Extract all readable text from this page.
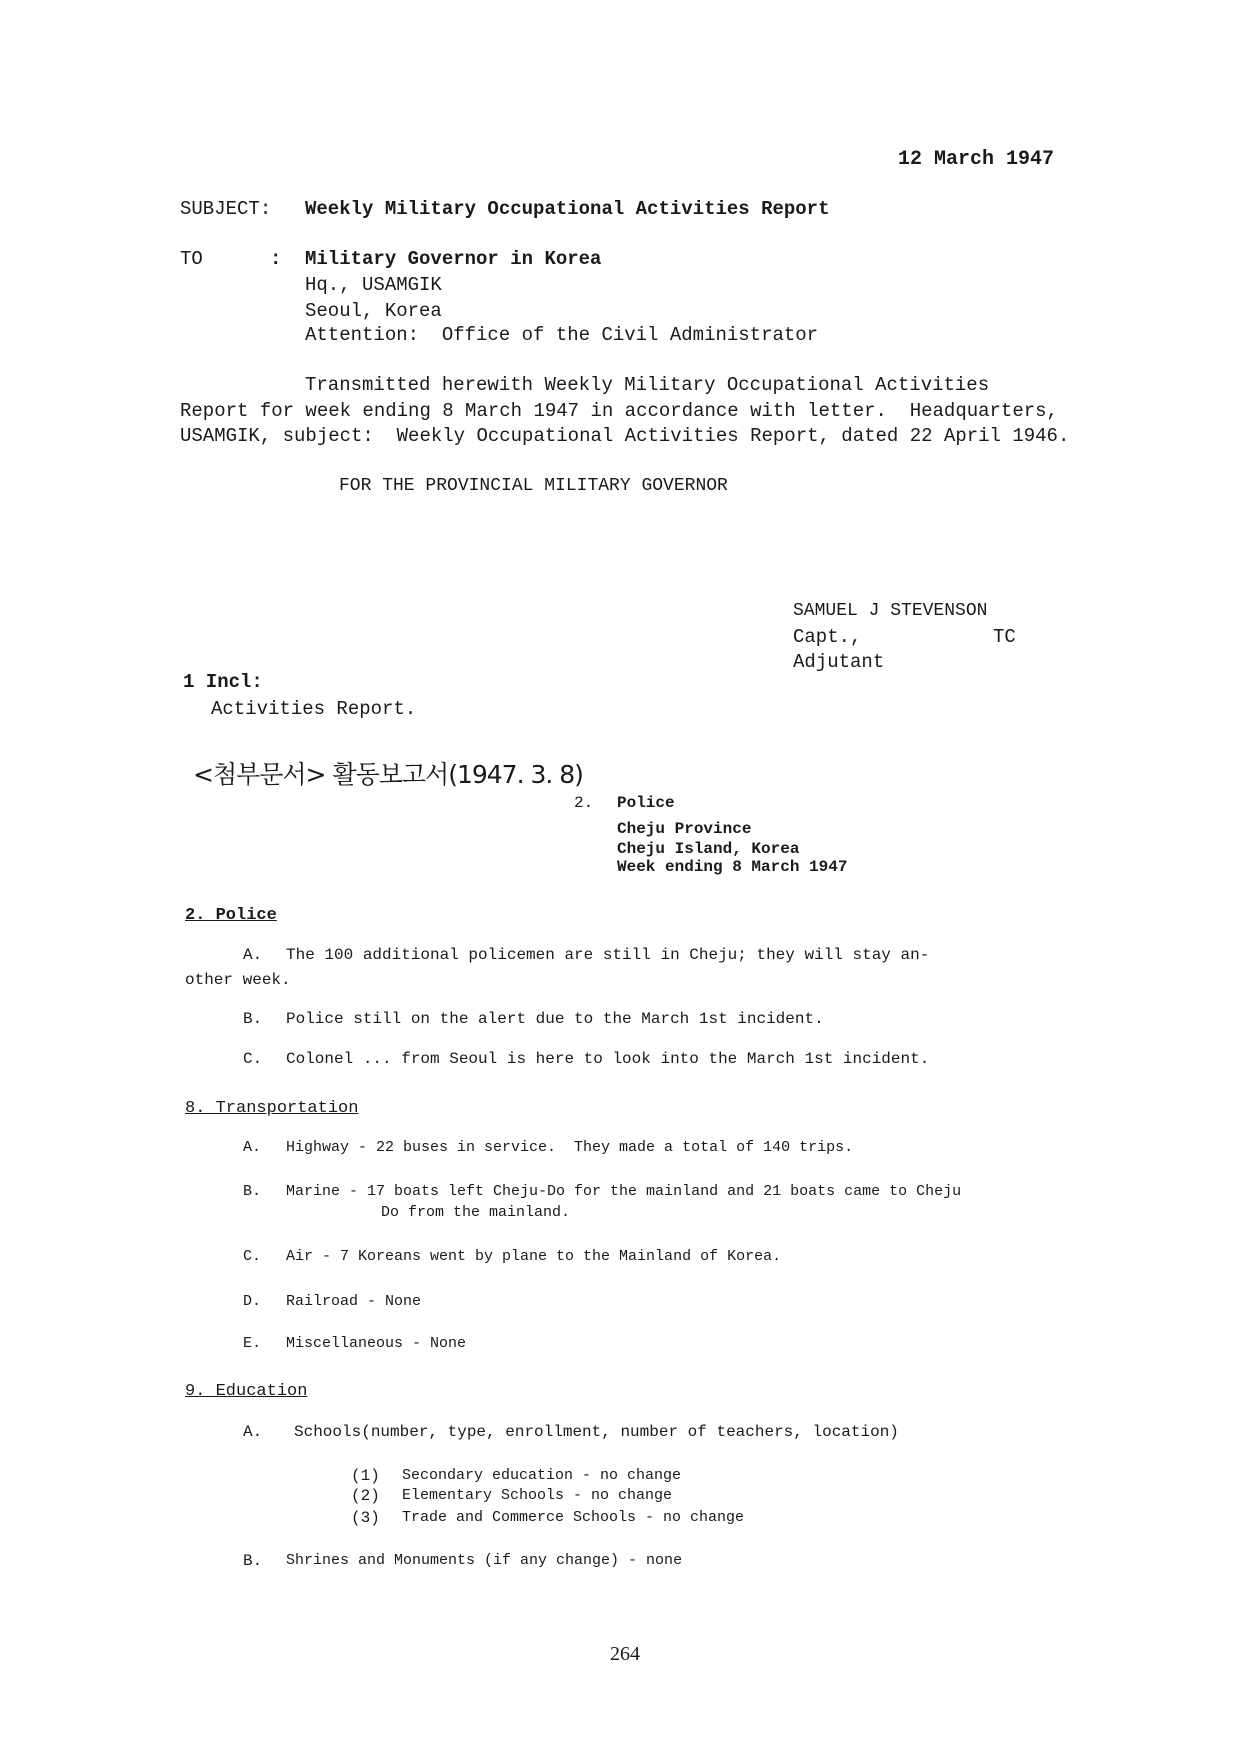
12 March 1947
SUBJECT: Weekly Military Occupational Activities Report
TO	: Military Governor in Korea
Hq., USAMGIK
Seoul, Korea
Attention:  Office of the Civil Administrator
Transmitted herewith Weekly Military Occupational Activities
Report for week ending 8 March 1947 in accordance with letter.  Headquarters,
USAMGIK, subject:  Weekly Occupational Activities Report, dated 22 April 1946.
FOR THE PROVINCIAL MILITARY GOVERNOR
SAMUEL J STEVENSON
Capt.,	TC
Adjutant
1 Incl:
Activities Report.
<첨부문서> 활동보고서(1947. 3. 8)
2. Police
Cheju Province
Cheju Island, Korea
Week ending 8 March 1947
2. Police
A. The 100 additional policemen are still in Cheju; they will stay an-
other week.
B. Police still on the alert due to the March 1st incident.
C. Colonel ... from Seoul is here to look into the March 1st incident.
8. Transportation
A. Highway - 22 buses in service.  They made a total of 140 trips.
B. Marine - 17 boats left Cheju-Do for the mainland and 21 boats came to Cheju
Do from the mainland.
C. Air - 7 Koreans went by plane to the Mainland of Korea.
D. Railroad - None
E. Miscellaneous - None
9. Education
A. Schools(number, type, enrollment, number of teachers, location)
(1) Secondary education - no change
(2) Elementary Schools - no change
(3) Trade and Commerce Schools - no change
B. Shrines and Monuments (if any change) - none
264
